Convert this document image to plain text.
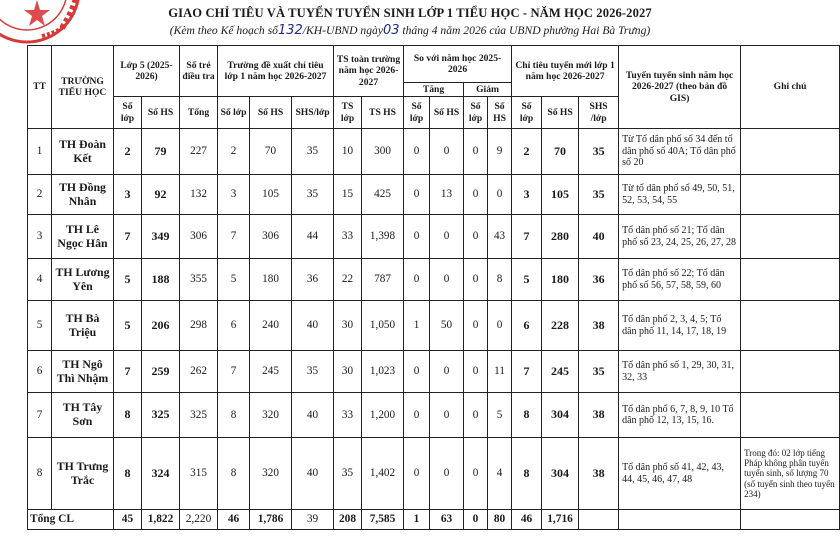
GIAO CHỈ TIÊU VÀ TUYỂN TUYỂN SINH LỚP 1 TIỂU HỌC - NĂM HỌC 2026-2027
(Kèm theo Kế hoạch số132/KH-UBND ngày03 tháng 4 năm 2026 của UBND phường Hai Bà Trưng)
TT	TRƯỜNG TIỂU HỌC	Lớp 5 (2025-2026)		Số trẻ điều tra	Trường đề xuất chỉ tiêu lớp 1 năm học 2026-2027			TS toàn trường năm học 2026-2027		So với năm học 2025-2026				Chỉ tiêu tuyển mới lớp 1 năm học 2026-2027			Tuyến tuyển sinh năm học 2026-2027 (theo bản đồ GIS)	Ghi chú
										Tăng		Giảm						
		Số lớp	Số HS	Tổng	Số lớp	Số HS	SHS/lớp	TS lớp	TS HS	Số lớp	Số HS	Số lớp	Số HS	Số lớp	Số HS	SHS /lớp		
1	TH Đoàn Kết	2	79	227	2	70	35	10	300	0	0	0	9	2	70	35	Từ Tổ dân phố số 34 đến tổ dân phố số 40A; Tổ dân phố số 20	
2	TH Đồng Nhân	3	92	132	3	105	35	15	425	0	13	0	0	3	105	35	Từ tổ dân phố số 49, 50, 51, 52, 53, 54, 55	
3	TH Lê Ngọc Hân	7	349	306	7	306	44	33	1,398	0	0	0	43	7	280	40	Tổ dân phố số 21; Tổ dân phố số 23, 24, 25, 26, 27, 28	
4	TH Lương Yên	5	188	355	5	180	36	22	787	0	0	0	8	5	180	36	Tổ dân phố số 22; Tổ dân phố số 56, 57, 58, 59, 60	
5	TH Bà Triệu	5	206	298	6	240	40	30	1,050	1	50	0	0	6	228	38	Tổ dân phố 2, 3, 4, 5; Tổ dân phố 11, 14, 17, 18, 19	
6	TH Ngô Thì Nhậm	7	259	262	7	245	35	30	1,023	0	0	0	11	7	245	35	Tổ dân phố số 1, 29, 30, 31, 32, 33	
7	TH Tây Sơn	8	325	325	8	320	40	33	1,200	0	0	0	5	8	304	38	Tổ dân phố 6, 7, 8, 9, 10 Tổ dân phố 12, 13, 15, 16.	
8	TH Trưng Trắc	8	324	315	8	320	40	35	1,402	0	0	0	4	8	304	38	Tổ dân phố số 41, 42, 43, 44, 45, 46, 47, 48	Trong đó: 02 lớp tiếng Pháp không phân tuyến tuyển sinh, số lượng 70 (số tuyển sinh theo tuyến 234)
Tổng CL		45	1,822	2,220	46	1,786	39	208	7,585	1	63	0	80	46	1,716			
